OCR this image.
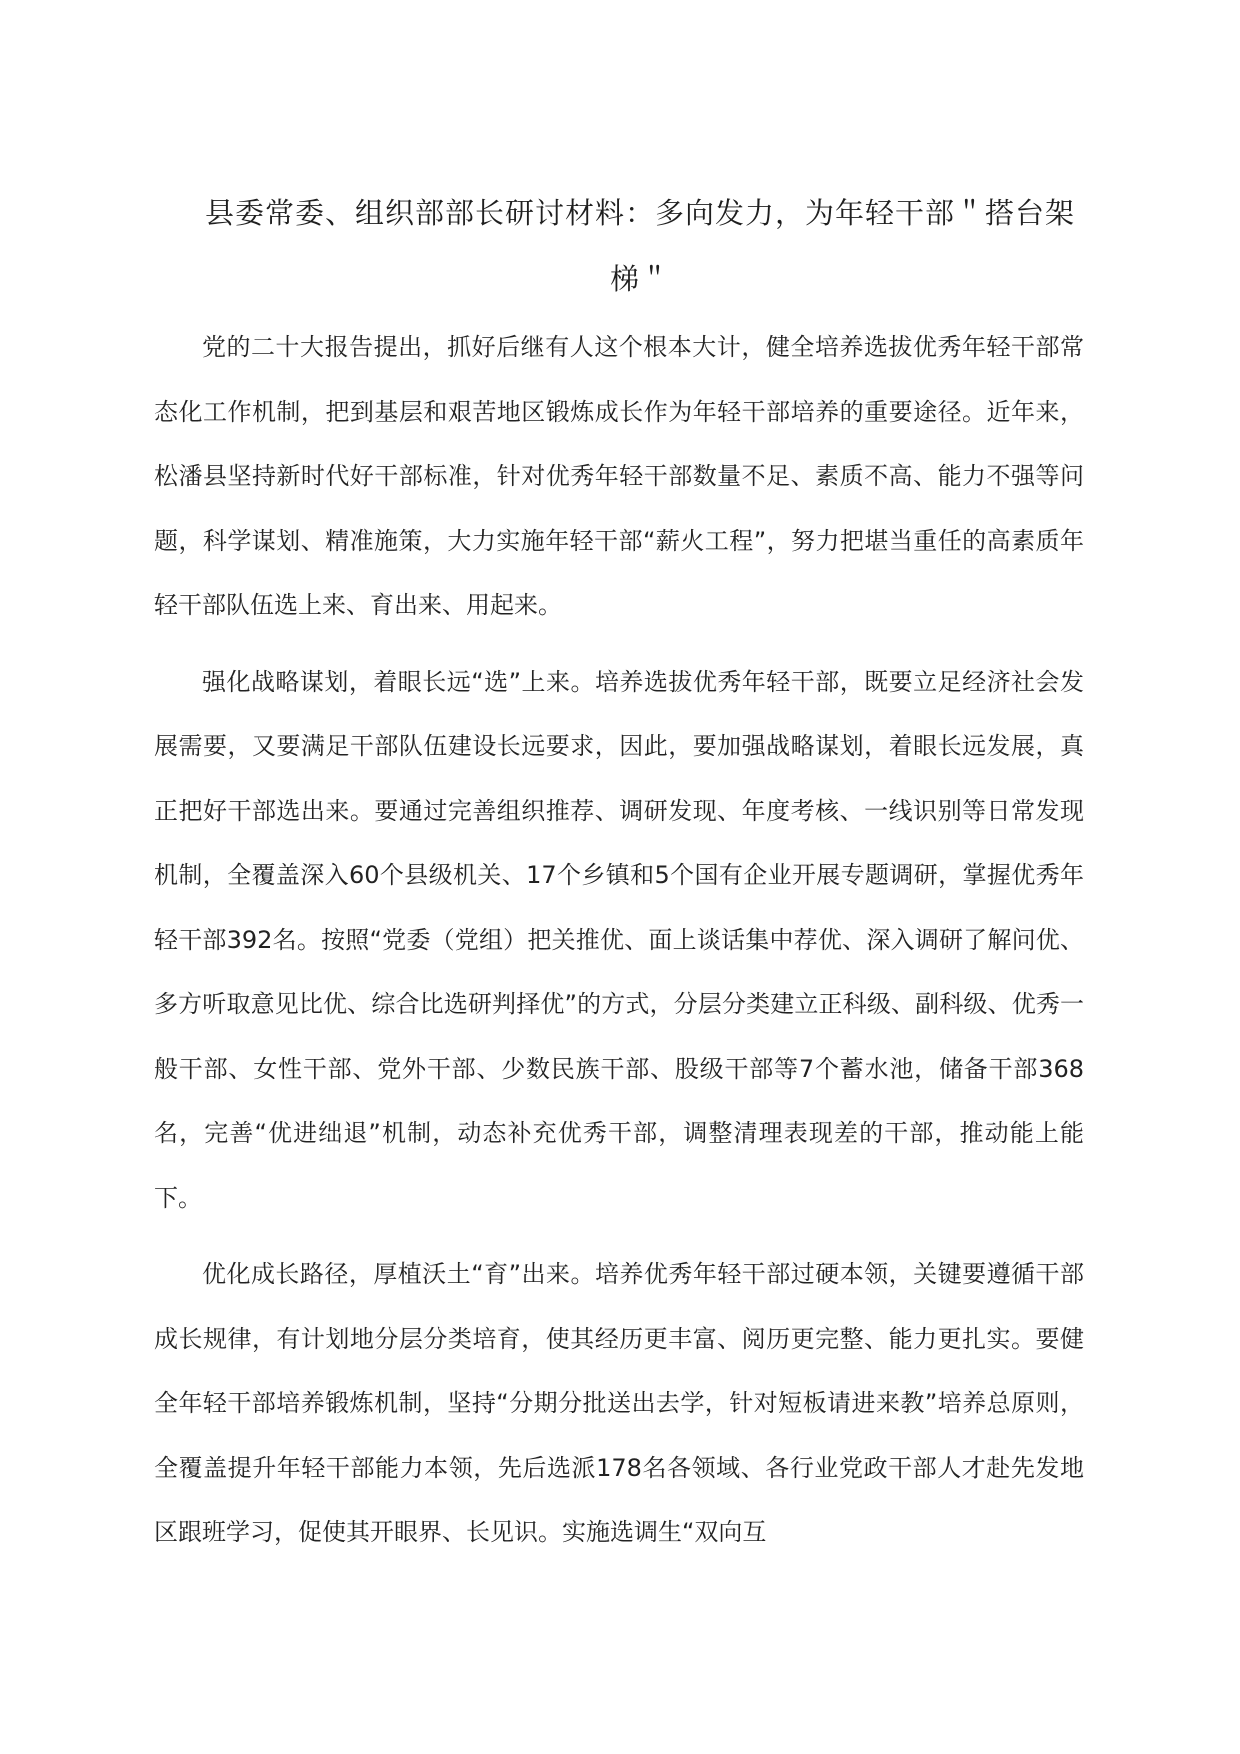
县委常委、组织部部长研讨材料：多向发力，为年轻干部＂搭台架梯＂

党的二十大报告提出，抓好后继有人这个根本大计，健全培养选拔优秀年轻干部常态化工作机制，把到基层和艰苦地区锻炼成长作为年轻干部培养的重要途径。近年来，松潘县坚持新时代好干部标准，针对优秀年轻干部数量不足、素质不高、能力不强等问题，科学谋划、精准施策，大力实施年轻干部“薪火工程”，努力把堪当重任的高素质年轻干部队伍选上来、育出来、用起来。

强化战略谋划，着眼长远“选”上来。培养选拔优秀年轻干部，既要立足经济社会发展需要，又要满足干部队伍建设长远要求，因此，要加强战略谋划，着眼长远发展，真正把好干部选出来。要通过完善组织推荐、调研发现、年度考核、一线识别等日常发现机制，全覆盖深入60个县级机关、17个乡镇和5个国有企业开展专题调研，掌握优秀年轻干部392名。按照“党委（党组）把关推优、面上谈话集中荐优、深入调研了解问优、多方听取意见比优、综合比选研判择优”的方式，分层分类建立正科级、副科级、优秀一般干部、女性干部、党外干部、少数民族干部、股级干部等7个蓄水池，储备干部368名，完善“优进绌退”机制，动态补充优秀干部，调整清理表现差的干部，推动能上能下。

优化成长路径，厚植沃土“育”出来。培养优秀年轻干部过硬本领，关键要遵循干部成长规律，有计划地分层分类培育，使其经历更丰富、阅历更完整、能力更扎实。要健全年轻干部培养锻炼机制，坚持“分期分批送出去学，针对短板请进来教”培养总原则，全覆盖提升年轻干部能力本领，先后选派178名各领域、各行业党政干部人才赴先发地区跟班学习，促使其开眼界、长见识。实施选调生“双向互
